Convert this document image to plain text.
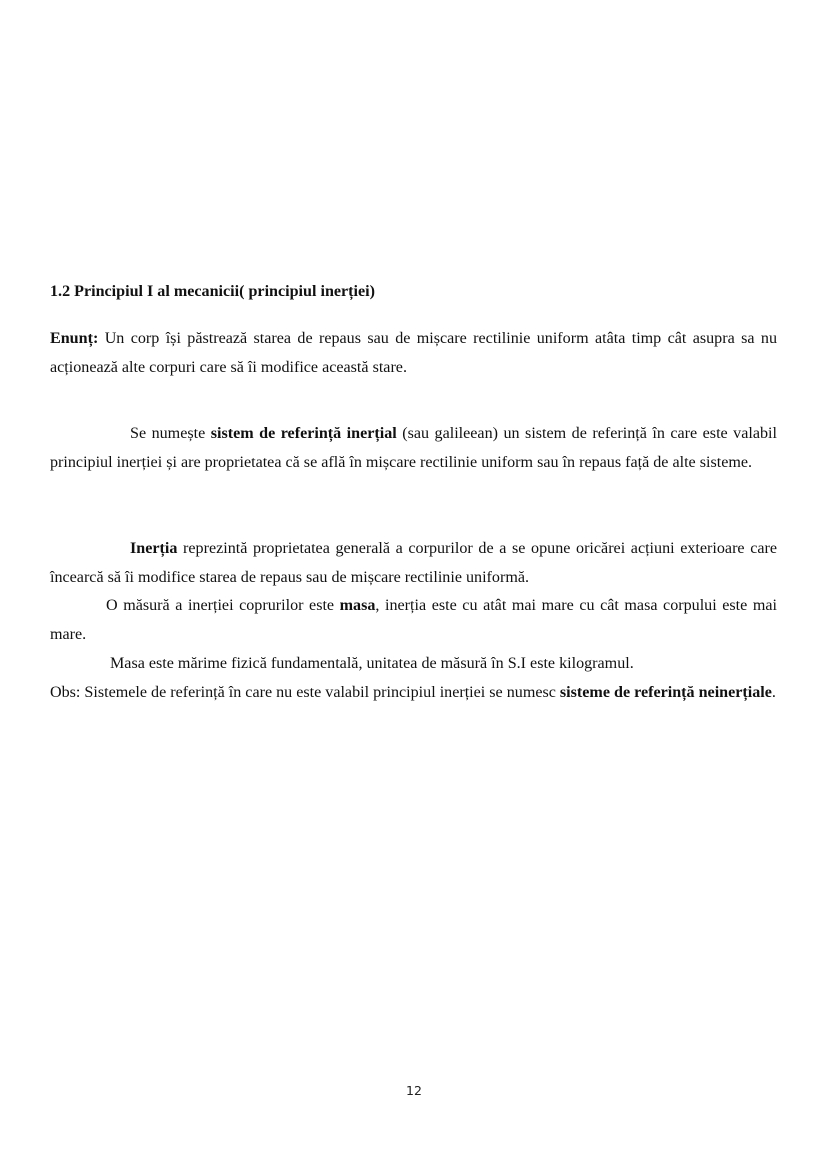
1.2 Principiul I al mecanicii( principiul inerției)

Enunț: Un corp își păstrează starea de repaus sau de mișcare rectilinie uniform atâta timp cât asupra sa nu acționează alte corpuri care să îi modifice această stare.

Se numește sistem de referință inerțial (sau galileean) un sistem de referință în care este valabil principiul inerției și are proprietatea că se află în mișcare rectilinie uniform sau în repaus față de alte sisteme.

Inerția reprezintă proprietatea generală a corpurilor de a se opune oricărei acțiuni exterioare care încearcă să îi modifice starea de repaus sau de mișcare rectilinie uniformă.

O măsură a inerției coprurilor este masa, inerția este cu atât mai mare cu cât masa corpului este mai mare.

Masa este mărime fizică fundamentală, unitatea de măsură în S.I este kilogramul.

Obs: Sistemele de referință în care nu este valabil principiul inerției se numesc sisteme de referință neinerțiale.

12
